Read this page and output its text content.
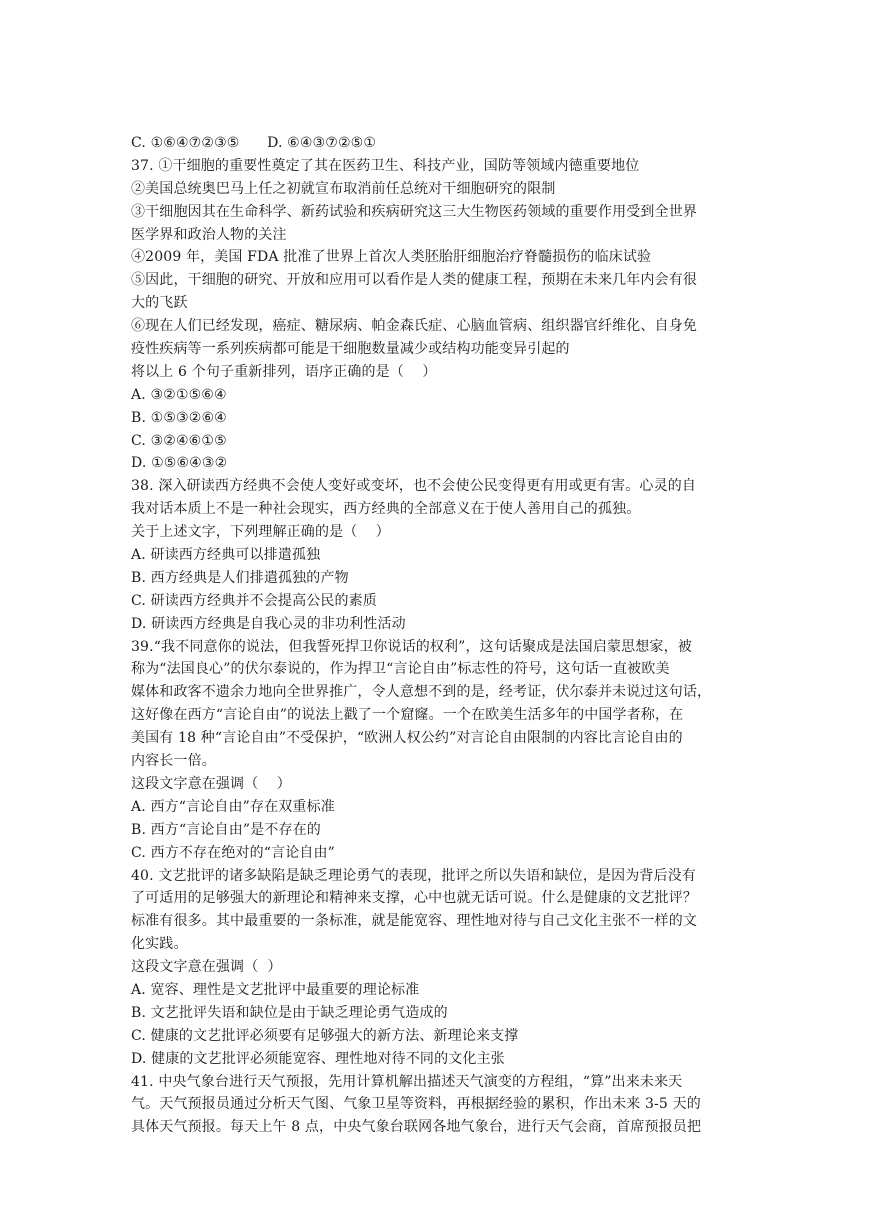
C. ①⑥④⑦②③⑤      D. ⑥④③⑦②⑤①
37. ①干细胞的重要性奠定了其在医药卫生、科技产业，国防等领域内德重要地位
②美国总统奥巴马上任之初就宣布取消前任总统对干细胞研究的限制
③干细胞因其在生命科学、新药试验和疾病研究这三大生物医药领域的重要作用受到全世界
医学界和政治人物的关注
④2009 年，美国 FDA 批准了世界上首次人类胚胎肝细胞治疗脊髓损伤的临床试验
⑤因此，干细胞的研究、开放和应用可以看作是人类的健康工程，预期在未来几年内会有很
大的飞跃
⑥现在人们已经发现，癌症、糖尿病、帕金森氏症、心脑血管病、组织器官纤维化、自身免
疫性疾病等一系列疾病都可能是干细胞数量减少或结构功能变异引起的
将以上 6 个句子重新排列，语序正确的是（    ）
A. ③②①⑤⑥④
B. ①⑤③②⑥④
C. ③②④⑥①⑤
D. ①⑤⑥④③②
38. 深入研读西方经典不会使人变好或变坏，也不会使公民变得更有用或更有害。心灵的自
我对话本质上不是一种社会现实，西方经典的全部意义在于使人善用自己的孤独。
关于上述文字，下列理解正确的是（    ）
A. 研读西方经典可以排遣孤独
B. 西方经典是人们排遣孤独的产物
C. 研读西方经典并不会提高公民的素质
D. 研读西方经典是自我心灵的非功利性活动
39.“我不同意你的说法，但我誓死捍卫你说话的权利”，这句话聚成是法国启蒙思想家，被
称为“法国良心”的伏尔泰说的，作为捍卫“言论自由”标志性的符号，这句话一直被欧美
媒体和政客不遗余力地向全世界推广，令人意想不到的是，经考证，伏尔泰并未说过这句话，
这好像在西方“言论自由”的说法上戳了一个窟窿。一个在欧美生活多年的中国学者称，在
美国有 18 种“言论自由”不受保护，“欧洲人权公约”对言论自由限制的内容比言论自由的
内容长一倍。
这段文字意在强调（    ）
A. 西方“言论自由”存在双重标准
B. 西方“言论自由”是不存在的
C. 西方不存在绝对的“言论自由”
40. 文艺批评的诸多缺陷是缺乏理论勇气的表现，批评之所以失语和缺位，是因为背后没有
了可适用的足够强大的新理论和精神来支撑，心中也就无话可说。什么是健康的文艺批评？
标准有很多。其中最重要的一条标准，就是能宽容、理性地对待与自己文化主张不一样的文
化实践。
这段文字意在强调（  ）
A. 宽容、理性是文艺批评中最重要的理论标准
B. 文艺批评失语和缺位是由于缺乏理论勇气造成的
C. 健康的文艺批评必须要有足够强大的新方法、新理论来支撑
D. 健康的文艺批评必须能宽容、理性地对待不同的文化主张
41. 中央气象台进行天气预报，先用计算机解出描述天气演变的方程组，“算”出来未来天
气。天气预报员通过分析天气图、气象卫星等资料，再根据经验的累积，作出未来 3-5 天的
具体天气预报。每天上午 8 点，中央气象台联网各地气象台，进行天气会商，首席预报员把
